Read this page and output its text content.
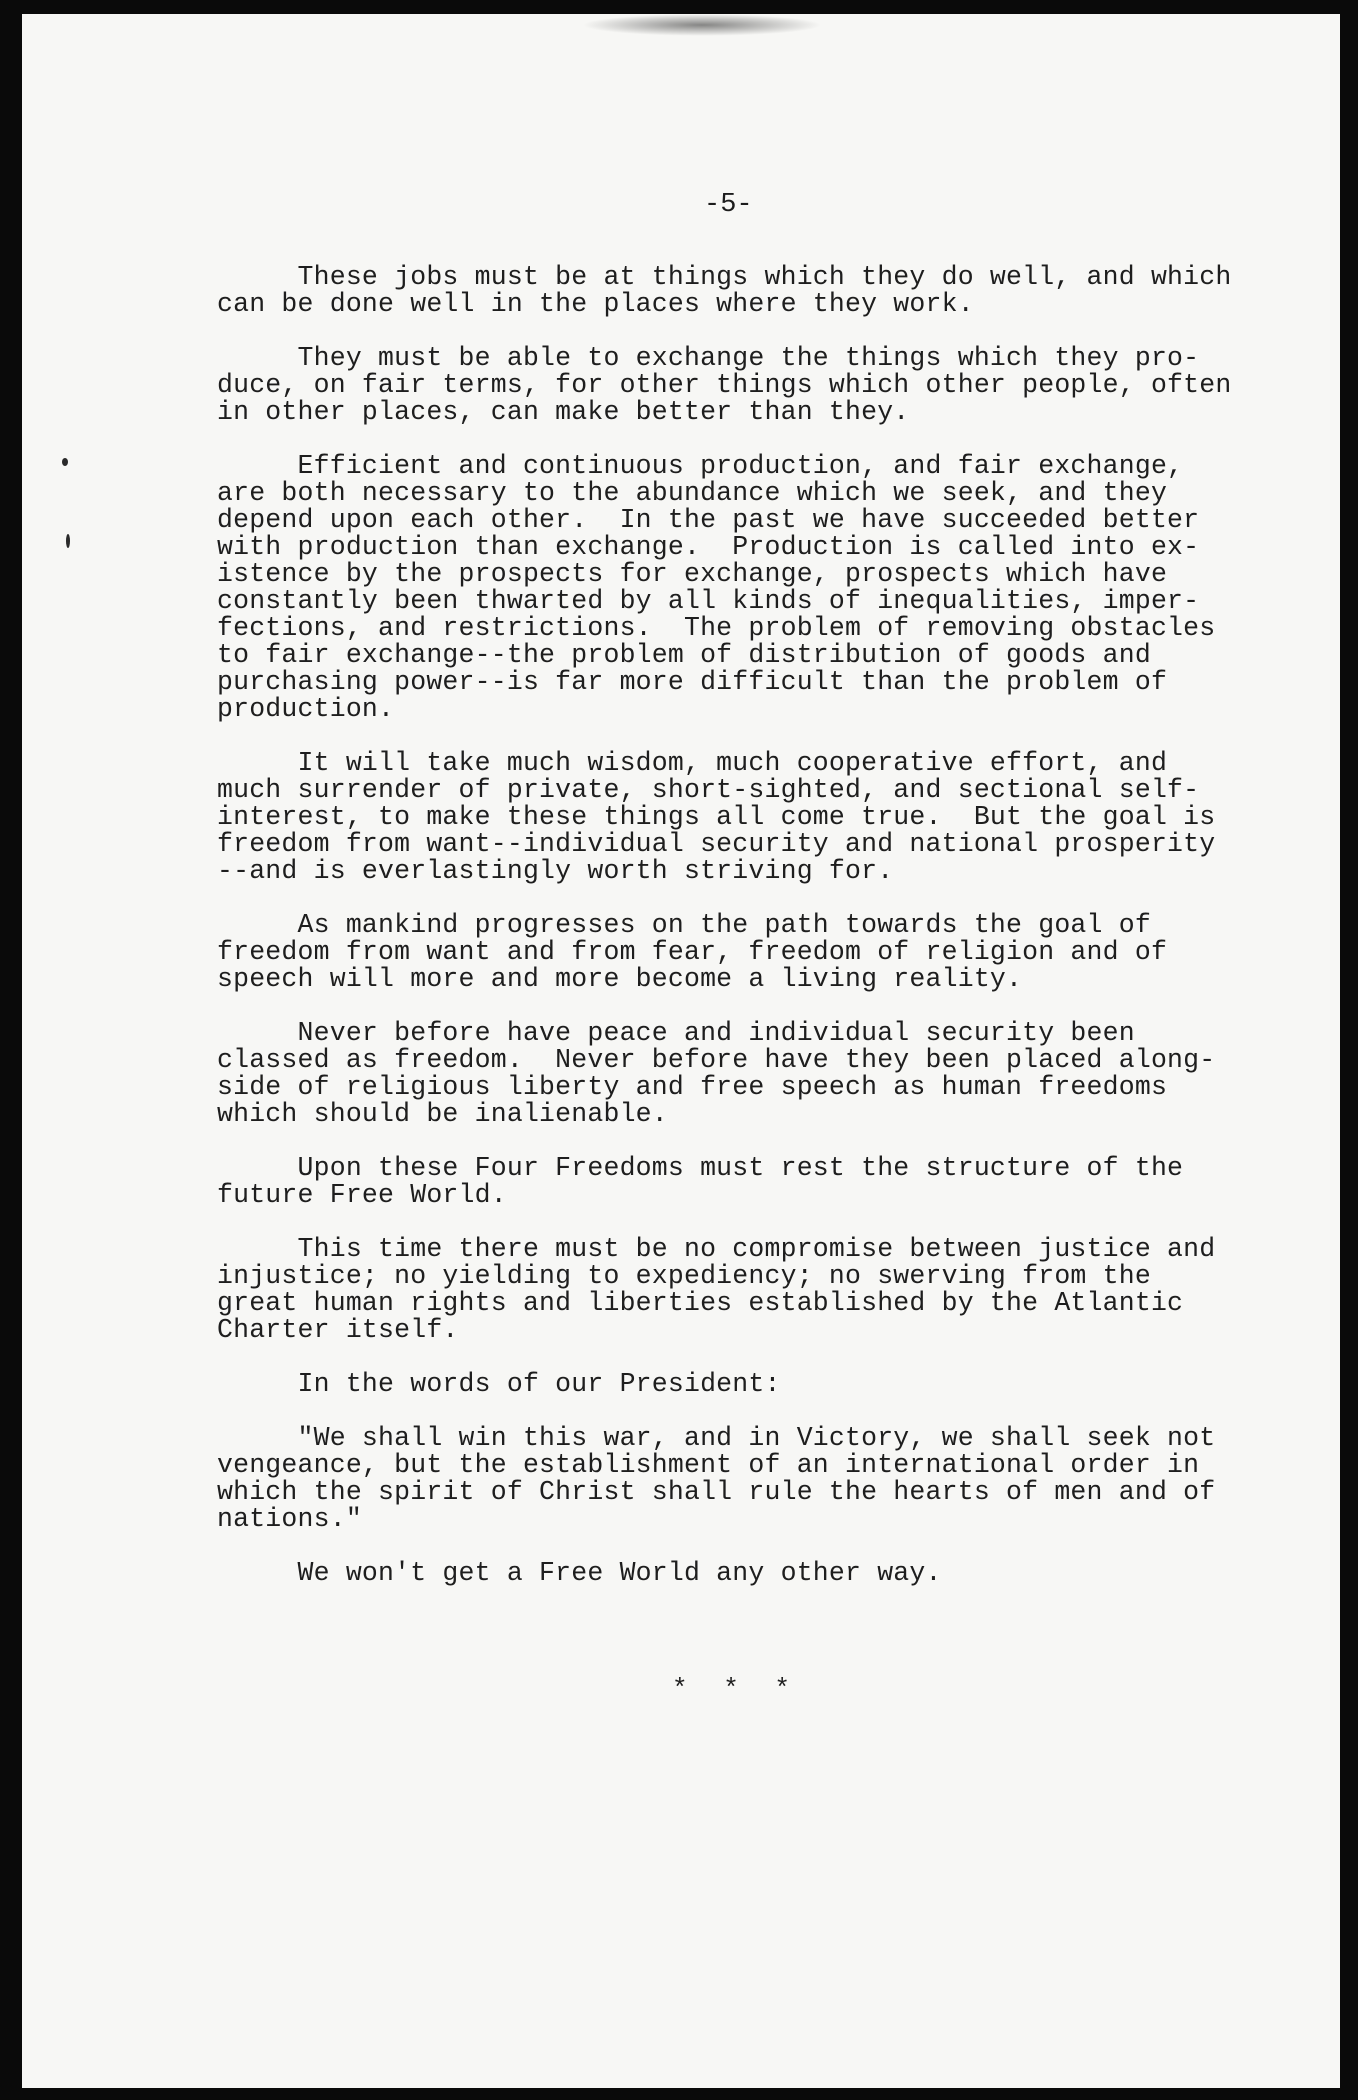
-5-

These jobs must be at things which they do well, and which
can be done well in the places where they work.

They must be able to exchange the things which they pro-
duce, on fair terms, for other things which other people, often
in other places, can make better than they.

Efficient and continuous production, and fair exchange,
are both necessary to the abundance which we seek, and they
depend upon each other.  In the past we have succeeded better
with production than exchange.  Production is called into ex-
istence by the prospects for exchange, prospects which have
constantly been thwarted by all kinds of inequalities, imper-
fections, and restrictions.  The problem of removing obstacles
to fair exchange--the problem of distribution of goods and
purchasing power--is far more difficult than the problem of
production.

It will take much wisdom, much cooperative effort, and
much surrender of private, short-sighted, and sectional self-
interest, to make these things all come true.  But the goal is
freedom from want--individual security and national prosperity
--and is everlastingly worth striving for.

As mankind progresses on the path towards the goal of
freedom from want and from fear, freedom of religion and of
speech will more and more become a living reality.

Never before have peace and individual security been
classed as freedom.  Never before have they been placed along-
side of religious liberty and free speech as human freedoms
which should be inalienable.

Upon these Four Freedoms must rest the structure of the
future Free World.

This time there must be no compromise between justice and
injustice; no yielding to expediency; no swerving from the
great human rights and liberties established by the Atlantic
Charter itself.

In the words of our President:

"We shall win this war, and in Victory, we shall seek not
vengeance, but the establishment of an international order in
which the spirit of Christ shall rule the hearts of men and of
nations."

We won't get a Free World any other way.

* * *
